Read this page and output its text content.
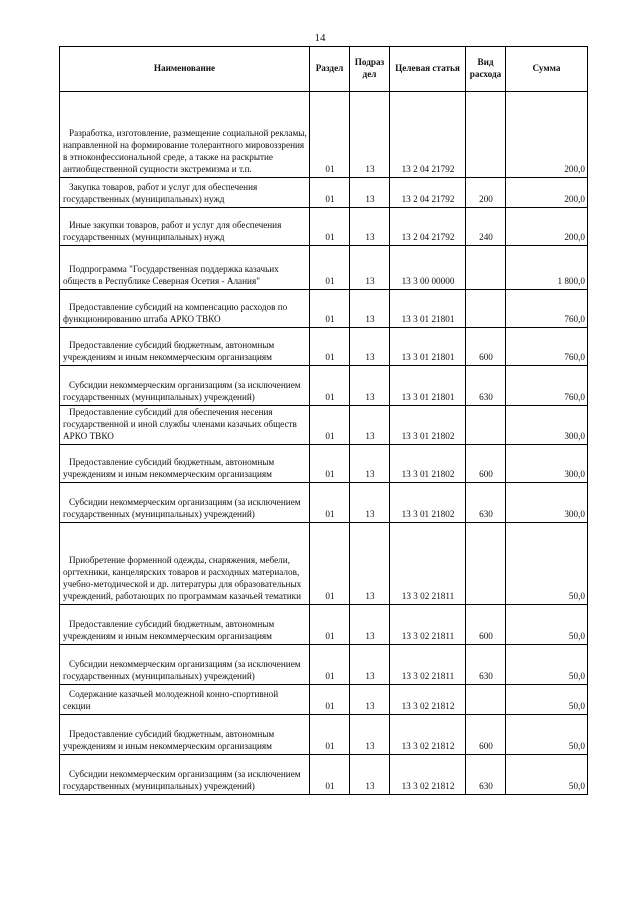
14
Наименование	Раздел	Подраз дел	Целевая статья	Вид расхода	Сумма
Разработка, изготовление, размещение социальной рекламы, направленной на формирование толерантного мировоззрения в этноконфессиональной среде, а также на раскрытие антиобщественной сущности экстремизма и т.п.	01	13	13 2 04 21792		200,0
Закупка товаров, работ и услуг для обеспечения государственных (муниципальных) нужд	01	13	13 2 04 21792	200	200,0
Иные закупки товаров, работ и услуг для обеспечения государственных (муниципальных) нужд	01	13	13 2 04 21792	240	200,0
Подпрограмма "Государственная поддержка казачьих обществ в Республике Северная Осетия - Алания"	01	13	13 3 00 00000		1 800,0
Предоставление субсидий на компенсацию расходов по функционированию штаба АРКО ТВКО	01	13	13 3 01 21801		760,0
Предоставление субсидий бюджетным, автономным учреждениям и иным некоммерческим организациям	01	13	13 3 01 21801	600	760,0
Субсидии некоммерческим организациям (за исключением государственных (муниципальных) учреждений)	01	13	13 3 01 21801	630	760,0
Предоставление субсидий для обеспечения несения государственной и иной службы членами казачьих обществ АРКО ТВКО	01	13	13 3 01 21802		300,0
Предоставление субсидий бюджетным, автономным учреждениям и иным некоммерческим организациям	01	13	13 3 01 21802	600	300,0
Субсидии некоммерческим организациям (за исключением государственных (муниципальных) учреждений)	01	13	13 3 01 21802	630	300,0
Приобретение форменной одежды, снаряжения, мебели, оргтехники, канцелярских товаров и расходных материалов, учебно-методической и др. литературы для образовательных учреждений, работающих по программам казачьей тематики	01	13	13 3 02 21811		50,0
Предоставление субсидий бюджетным, автономным учреждениям и иным некоммерческим организациям	01	13	13 3 02 21811	600	50,0
Субсидии некоммерческим организациям (за исключением государственных (муниципальных) учреждений)	01	13	13 3 02 21811	630	50,0
Содержание казачьей молодежной конно-спортивной секции	01	13	13 3 02 21812		50,0
Предоставление субсидий бюджетным, автономным учреждениям и иным некоммерческим организациям	01	13	13 3 02 21812	600	50,0
Субсидии некоммерческим организациям (за исключением государственных (муниципальных) учреждений)	01	13	13 3 02 21812	630	50,0
